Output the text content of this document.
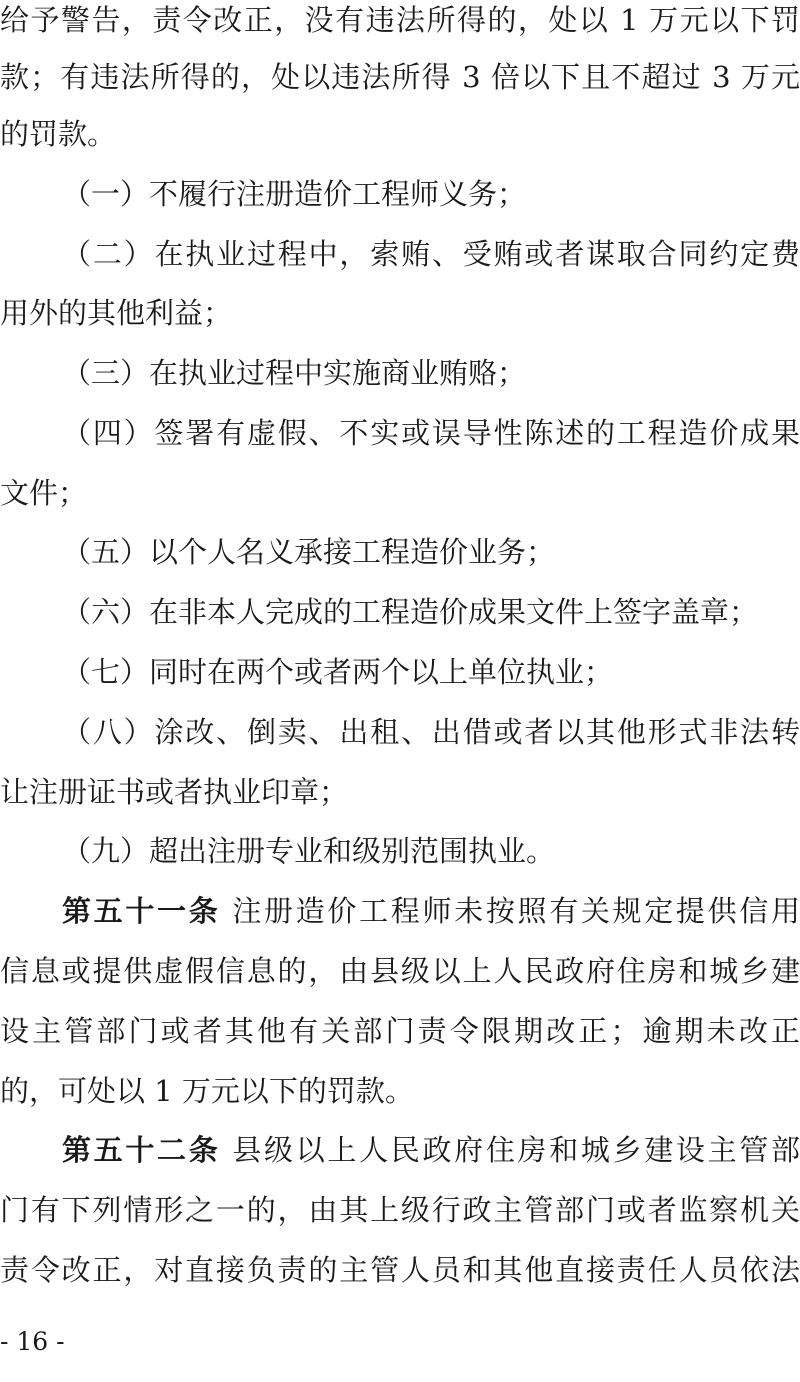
给予警告，责令改正，没有违法所得的，处以 1 万元以下罚
款；有违法所得的，处以违法所得 3 倍以下且不超过 3 万元
的罚款。
（一）不履行注册造价工程师义务；
（二）在执业过程中，索贿、受贿或者谋取合同约定费
用外的其他利益；
（三）在执业过程中实施商业贿赂；
（四）签署有虚假、不实或误导性陈述的工程造价成果
文件；
（五）以个人名义承接工程造价业务；
（六）在非本人完成的工程造价成果文件上签字盖章；
（七）同时在两个或者两个以上单位执业；
（八）涂改、倒卖、出租、出借或者以其他形式非法转
让注册证书或者执业印章；
（九）超出注册专业和级别范围执业。
第五十一条 注册造价工程师未按照有关规定提供信用
信息或提供虚假信息的，由县级以上人民政府住房和城乡建
设主管部门或者其他有关部门责令限期改正；逾期未改正
的，可处以 1 万元以下的罚款。
第五十二条 县级以上人民政府住房和城乡建设主管部
门有下列情形之一的，由其上级行政主管部门或者监察机关
责令改正，对直接负责的主管人员和其他直接责任人员依法
- 16 -
